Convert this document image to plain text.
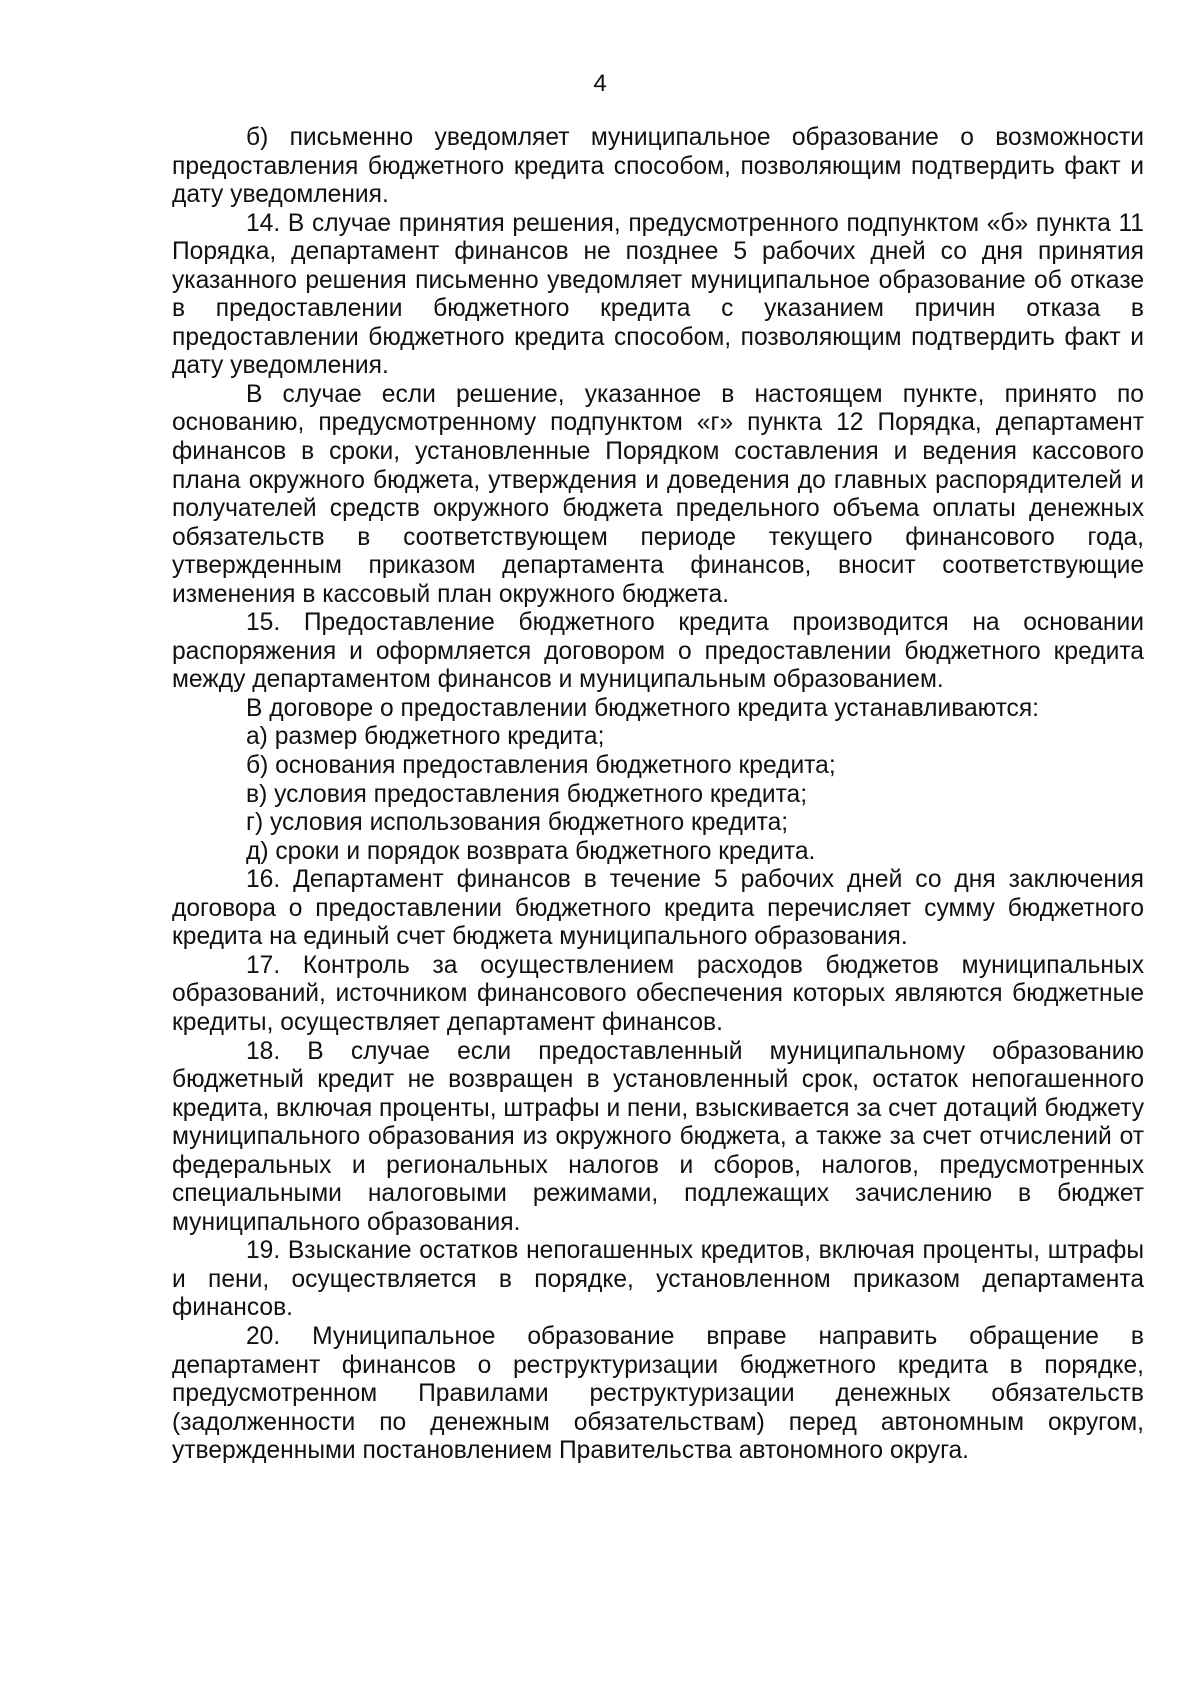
4

б) письменно уведомляет муниципальное образование о возможности предоставления бюджетного кредита способом, позволяющим подтвердить факт и дату уведомления.

14. В случае принятия решения, предусмотренного подпунктом «б» пункта 11 Порядка, департамент финансов не позднее 5 рабочих дней со дня принятия указанного решения письменно уведомляет муниципальное образование об отказе в предоставлении бюджетного кредита с указанием причин отказа в предоставлении бюджетного кредита способом, позволяющим подтвердить факт и дату уведомления.

В случае если решение, указанное в настоящем пункте, принято по основанию, предусмотренному подпунктом «г» пункта 12 Порядка, департамент финансов в сроки, установленные Порядком составления и ведения кассового плана окружного бюджета, утверждения и доведения до главных распорядителей и получателей средств окружного бюджета предельного объема оплаты денежных обязательств в соответствующем периоде текущего финансового года, утвержденным приказом департамента финансов, вносит соответствующие изменения в кассовый план окружного бюджета.

15. Предоставление бюджетного кредита производится на основании распоряжения и оформляется договором о предоставлении бюджетного кредита между департаментом финансов и муниципальным образованием.

В договоре о предоставлении бюджетного кредита устанавливаются:

а) размер бюджетного кредита;

б) основания предоставления бюджетного кредита;

в) условия предоставления бюджетного кредита;

г) условия использования бюджетного кредита;

д) сроки и порядок возврата бюджетного кредита.

16. Департамент финансов в течение 5 рабочих дней со дня заключения договора о предоставлении бюджетного кредита перечисляет сумму бюджетного кредита на единый счет бюджета муниципального образования.

17. Контроль за осуществлением расходов бюджетов муниципальных образований, источником финансового обеспечения которых являются бюджетные кредиты, осуществляет департамент финансов.

18. В случае если предоставленный муниципальному образованию бюджетный кредит не возвращен в установленный срок, остаток непогашенного кредита, включая проценты, штрафы и пени, взыскивается за счет дотаций бюджету муниципального образования из окружного бюджета, а также за счет отчислений от федеральных и региональных налогов и сборов, налогов, предусмотренных специальными налоговыми режимами, подлежащих зачислению в бюджет муниципального образования.

19. Взыскание остатков непогашенных кредитов, включая проценты, штрафы и пени, осуществляется в порядке, установленном приказом департамента финансов.

20. Муниципальное образование вправе направить обращение в департамент финансов о реструктуризации бюджетного кредита в порядке, предусмотренном Правилами реструктуризации денежных обязательств (задолженности по денежным обязательствам) перед автономным округом, утвержденными постановлением Правительства автономного округа.
